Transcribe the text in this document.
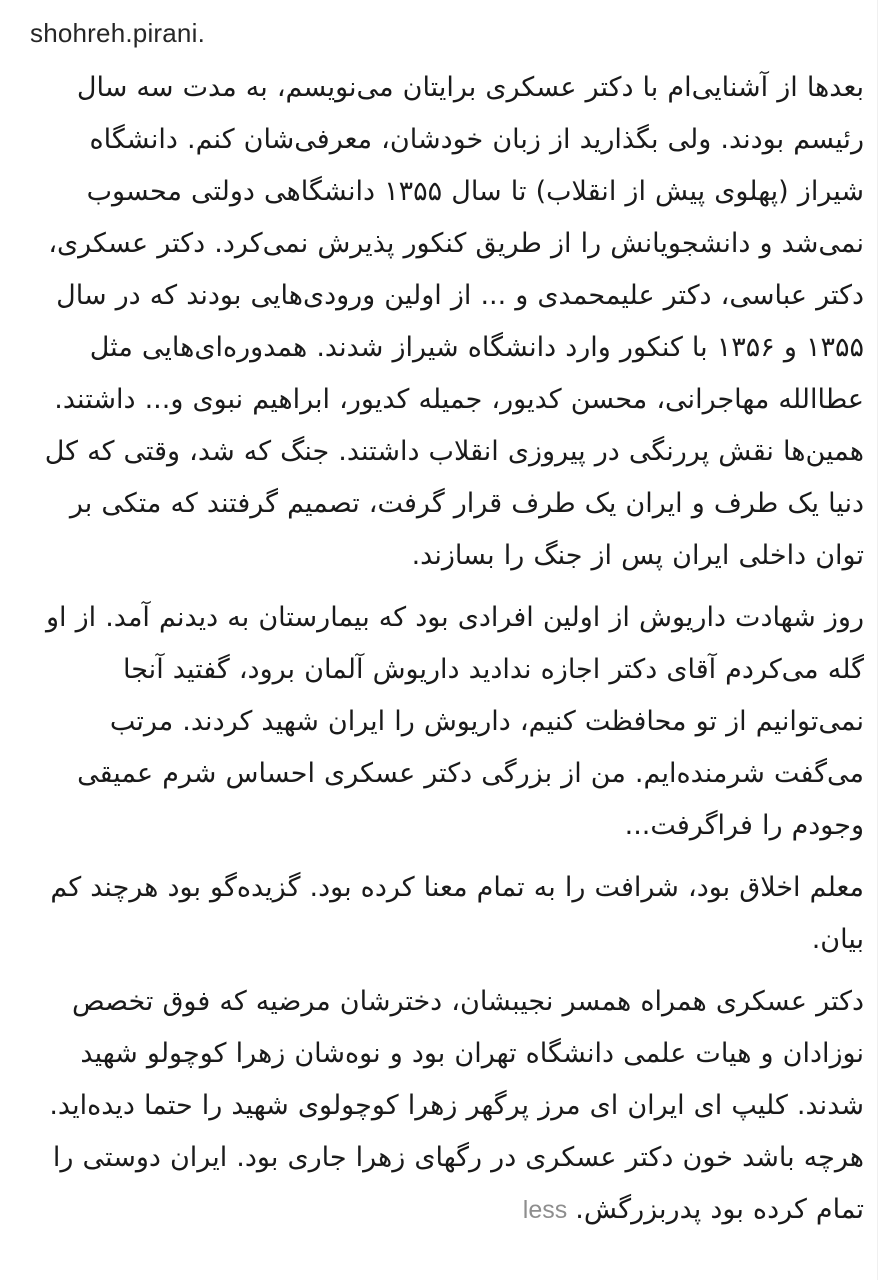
shohreh.pirani.

بعدها از آشنایی‌ام با دکتر عسکری برایتان می‌نویسم، به مدت سه سال رئیسم بودند. ولی بگذارید از زبان خودشان، معرفی‌شان کنم. دانشگاه شیراز (پهلوی پیش از انقلاب) تا سال ۱۳۵۵ دانشگاهی دولتی محسوب نمی‌شد و دانشجویانش را از طریق کنکور پذیرش نمی‌کرد. دکتر عسکری، دکتر عباسی، دکتر علیمحمدی و ... از اولین ورودی‌هایی بودند که در سال ۱۳۵۵ و ۱۳۵۶ با کنکور وارد دانشگاه شیراز شدند. همدوره‌ای‌هایی مثل عطاالله مهاجرانی، محسن کدیور، جمیله کدیور، ابراهیم نبوی و... داشتند. همین‌ها نقش پررنگی در پیروزی انقلاب داشتند. جنگ که شد، وقتی که کل دنیا یک طرف و ایران یک طرف قرار گرفت، تصمیم گرفتند که متکی بر توان داخلی ایران پس از جنگ را بسازند.

روز شهادت داریوش از اولین افرادی بود که بیمارستان به دیدنم آمد. از او گله می‌کردم آقای دکتر اجازه ندادید داریوش آلمان برود، گفتید آنجا نمی‌توانیم از تو محافظت کنیم، داریوش را ایران شهید کردند. مرتب می‌گفت شرمنده‌ایم. من از بزرگی دکتر عسکری احساس شرم عمیقی وجودم را فراگرفت...

معلم اخلاق بود، شرافت را به تمام معنا کرده بود. گزیده‌گو بود هرچند کم بیان.

دکتر عسکری همراه همسر نجیبشان، دخترشان مرضیه که فوق تخصص نوزادان و هیات علمی دانشگاه تهران بود و نوه‌شان زهرا کوچولو شهید شدند. کلیپ ای ایران ای مرز پرگهر زهرا کوچولوی شهید را حتما دیده‌اید. هرچه باشد خون دکتر عسکری در رگهای زهرا جاری بود. ایران دوستی را تمام کرده بود پدربزرگش.less
